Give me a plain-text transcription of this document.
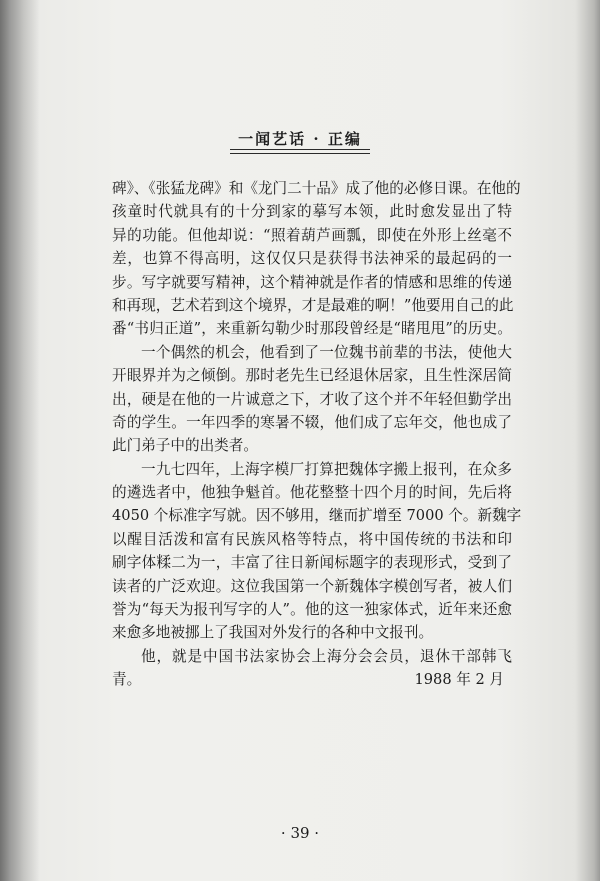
一闻艺话 · 正编
碑》、《张猛龙碑》和《龙门二十品》成了他的必修日课。在他的
孩童时代就具有的十分到家的摹写本领，此时愈发显出了特
异的功能。但他却说：“照着葫芦画瓢，即使在外形上丝毫不
差，也算不得高明，这仅仅只是获得书法神采的最起码的一
步。写字就要写精神，这个精神就是作者的情感和思维的传递
和再现，艺术若到这个境界，才是最难的啊！”他要用自己的此
番“书归正道”，来重新勾勒少时那段曾经是“睹甩甩”的历史。
一个偶然的机会，他看到了一位魏书前辈的书法，使他大
开眼界并为之倾倒。那时老先生已经退休居家，且生性深居简
出，硬是在他的一片诚意之下，才收了这个并不年轻但勤学出
奇的学生。一年四季的寒暑不辍，他们成了忘年交，他也成了
此门弟子中的出类者。
一九七四年，上海字模厂打算把魏体字搬上报刊，在众多
的遴选者中，他独争魁首。他花整整十四个月的时间，先后将
4050 个标准字写就。因不够用，继而扩增至 7000 个。新魏字
以醒目活泼和富有民族风格等特点，将中国传统的书法和印
刷字体糅二为一，丰富了往日新闻标题字的表现形式，受到了
读者的广泛欢迎。这位我国第一个新魏体字模创写者，被人们
誉为“每天为报刊写字的人”。他的这一独家体式，近年来还愈
来愈多地被挪上了我国对外发行的各种中文报刊。
他，就是中国书法家协会上海分会会员，退休干部韩飞
青。	1988 年 2 月
· 39 ·
